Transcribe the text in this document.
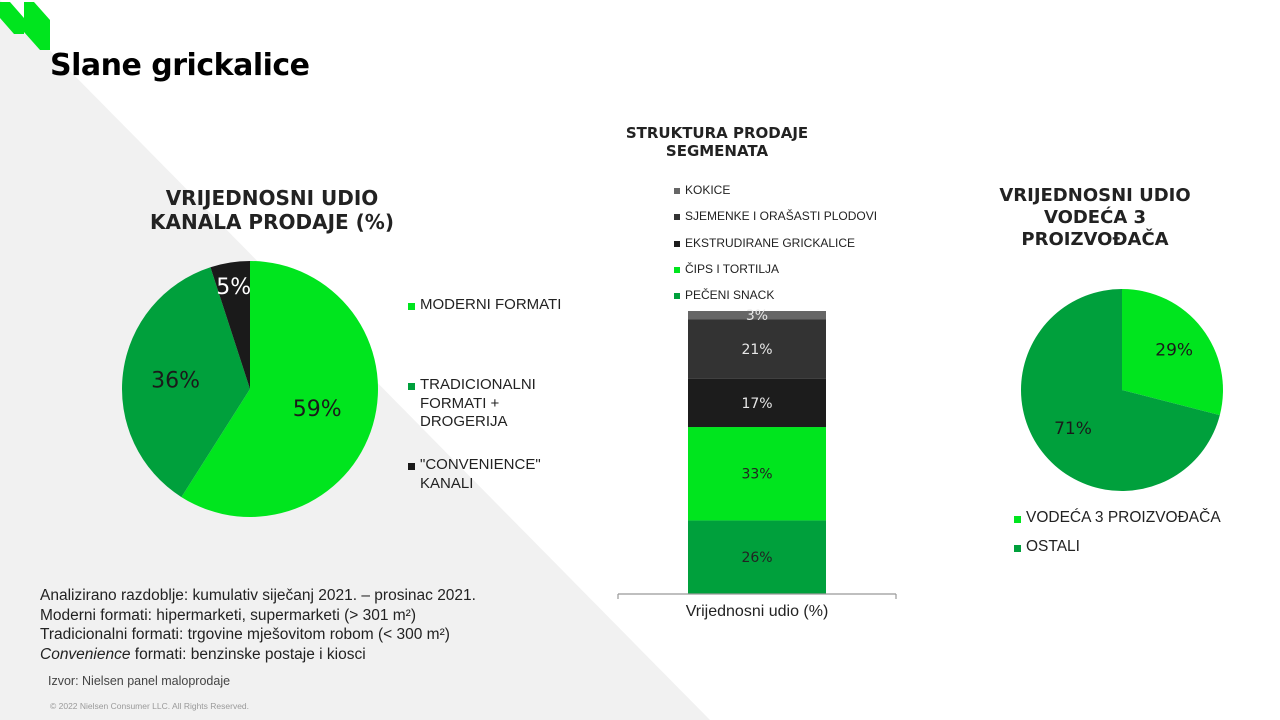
Slane grickalice
VRIJEDNOSNI UDIO
KANALA PRODAJE (%)
59%
36%
5%
MODERNI FORMATI
TRADICIONALNI
FORMATI +
DROGERIJA
"CONVENIENCE"
KANALI
STRUKTURA PRODAJE
SEGMENATA
KOKICE
SJEMENKE I ORAŠASTI PLODOVI
EKSTRUDIRANE GRICKALICE
ČIPS I TORTILJA
PEČENI SNACK
26%
33%
17%
21%
3%
Vrijednosni udio (%)
VRIJEDNOSNI UDIO
VODEĆA 3
PROIZVOĐAČA
29%
71%
VODEĆA 3 PROIZVOĐAČA
OSTALI
Analizirano razdoblje: kumulativ siječanj 2021. – prosinac 2021.
Moderni formati: hipermarketi, supermarketi (> 301 m²)
Tradicionalni formati: trgovine mješovitom robom (< 300 m²)
Convenience formati: benzinske postaje i kiosci
Izvor: Nielsen panel maloprodaje
© 2022 Nielsen Consumer LLC. All Rights Reserved.
